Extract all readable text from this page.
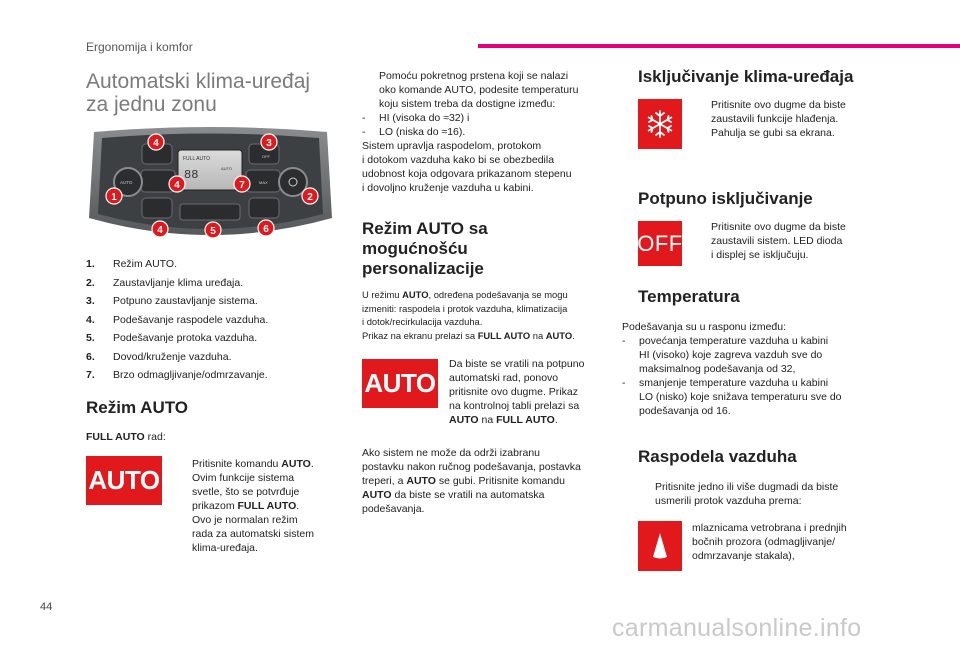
Ergonomija i komfor
Automatski klima-uređaj
za jednu zonu
FULL AUTO
88	AUTO
AUTO
OFF
MAX
1	2
3
4
4
4	5	6
7
1.	Režim AUTO.
2.	Zaustavljanje klima uređaja.
3.	Potpuno zaustavljanje sistema.
4.	Podešavanje raspodele vazduha.
5.	Podešavanje protoka vazduha.
6.	Dovod/kruženje vazduha.
7.	Brzo odmagljivanje/odmrzavanje.
Režim AUTO
FULL AUTO rad:
AUTO
Pritisnite komandu AUTO.
Ovim funkcije sistema
svetle, što se potvrđuje
prikazom FULL AUTO.
Ovo je normalan režim
rada za automatski sistem
klima-uređaja.
Pomoću pokretnog prstena koji se nalazi
oko komande AUTO, podesite temperaturu
koju sistem treba da dostigne između:
-	HI (visoka do ≈32) i
-	LO (niska do ≈16).
Sistem upravlja raspodelom, protokom
i dotokom vazduha kako bi se obezbedila
udobnost koja odgovara prikazanom stepenu
i dovoljno kruženje vazduha u kabini.
Režim AUTO sa
mogućnošću
personalizacije
U režimu AUTO, određena podešavanja se mogu
izmeniti: raspodela i protok vazduha, klimatizacija
i dotok/recirkulacija vazduha.
Prikaz na ekranu prelazi sa FULL AUTO na AUTO.
AUTO
Da biste se vratili na potpuno
automatski rad, ponovo
pritisnite ovo dugme. Prikaz
na kontrolnoj tabli prelazi sa
AUTO na FULL AUTO.
Ako sistem ne može da održi izabranu
postavku nakon ručnog podešavanja, postavka
treperi, a AUTO se gubi. Pritisnite komandu
AUTO da biste se vratili na automatska
podešavanja.
Isključivanje klima-uređaja
Pritisnite ovo dugme da biste
zaustavili funkcije hlađenja.
Pahulja se gubi sa ekrana.
Potpuno isključivanje
OFF
Pritisnite ovo dugme da biste
zaustavili sistem. LED dioda
i displej se isključuju.
Temperatura
Podešavanja su u rasponu između:
-	povećanja temperature vazduha u kabini
HI (visoko) koje zagreva vazduh sve do
maksimalnog podešavanja od 32,
-	smanjenje temperature vazduha u kabini
LO (nisko) koje snižava temperaturu sve do
podešavanja od 16.
Raspodela vazduha
Pritisnite jedno ili više dugmadi da biste
usmerili protok vazduha prema:
mlaznicama vetrobrana i prednjih
bočnih prozora (odmagljivanje/
odmrzavanje stakala),
44
carmanualsonline.info
